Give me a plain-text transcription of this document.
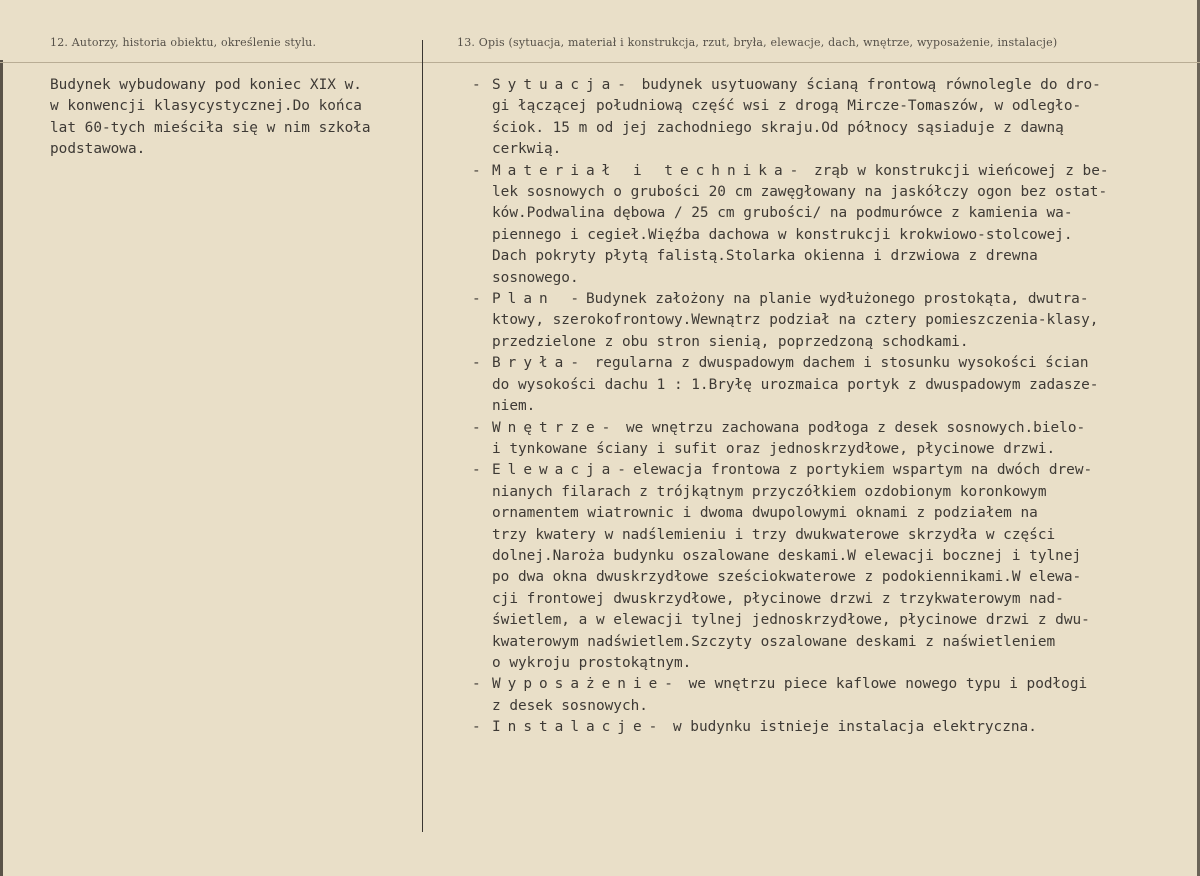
12. Autorzy, historia obiektu, określenie stylu.	13. Opis (sytuacja, materiał i konstrukcja, rzut, bryła, elewacje, dach, wnętrze, wyposażenie, instalacje)
Budynek wybudowany pod koniec XIX w.
w konwencji klasycystycznej.Do końca
lat 60-tych mieściła się w nim szkoła
podstawowa.
- Sytuacja- budynek usytuowany ścianą frontową równolegle do dro-
gi łączącej południową część wsi z drogą Mircze-Tomaszów, w odległo-
ściok. 15 m od jej zachodniego skraju.Od północy sąsiaduje z dawną
cerkwią.
- Materiał i technika- zrąb w konstrukcji wieńcowej z be-
lek sosnowych o grubości 20 cm zawęgłowany na jaskółczy ogon bez ostat-
ków.Podwalina dębowa / 25 cm grubości/ na podmurówce z kamienia wa-
piennego i cegieł.Więźba dachowa w konstrukcji krokwiowo-stolcowej.
Dach pokryty płytą falistą.Stolarka okienna i drzwiowa z drewna
sosnowego.
- Plan -Budynek założony na planie wydłużonego prostokąta, dwutra-
ktowy, szerokofrontowy.Wewnątrz podział na cztery pomieszczenia-klasy,
przedzielone z obu stron sienią, poprzedzoną schodkami.
- Bryła- regularna z dwuspadowym dachem i stosunku wysokości ścian
do wysokości dachu 1 : 1.Bryłę urozmaica portyk z dwuspadowym zadasze-
niem.
- Wnętrze- we wnętrzu zachowana podłoga z desek sosnowych.bielo-
i tynkowane ściany i sufit oraz jednoskrzydłowe, płycinowe drzwi.
- Elewacja-elewacja frontowa z portykiem wspartym na dwóch drew-
nianych filarach z trójkątnym przyczółkiem ozdobionym koronkowym
ornamentem wiatrownic i dwoma dwupolowymi oknami z podziałem na
trzy kwatery w nadślemieniu i trzy dwukwaterowe skrzydła w części
dolnej.Naroża budynku oszalowane deskami.W elewacji bocznej i tylnej
po dwa okna dwuskrzydłowe sześciokwaterowe z podokiennikami.W elewa-
cji frontowej dwuskrzydłowe, płycinowe drzwi z trzykwaterowym nad-
świetlem, a w elewacji tylnej jednoskrzydłowe, płycinowe drzwi z dwu-
kwaterowym nadświetlem.Szczyty oszalowane deskami z naświetleniem
o wykroju prostokątnym.
- Wyposażenie- we wnętrzu piece kaflowe nowego typu i podłogi
z desek sosnowych.
- Instalacje- w budynku istnieje instalacja elektryczna.
